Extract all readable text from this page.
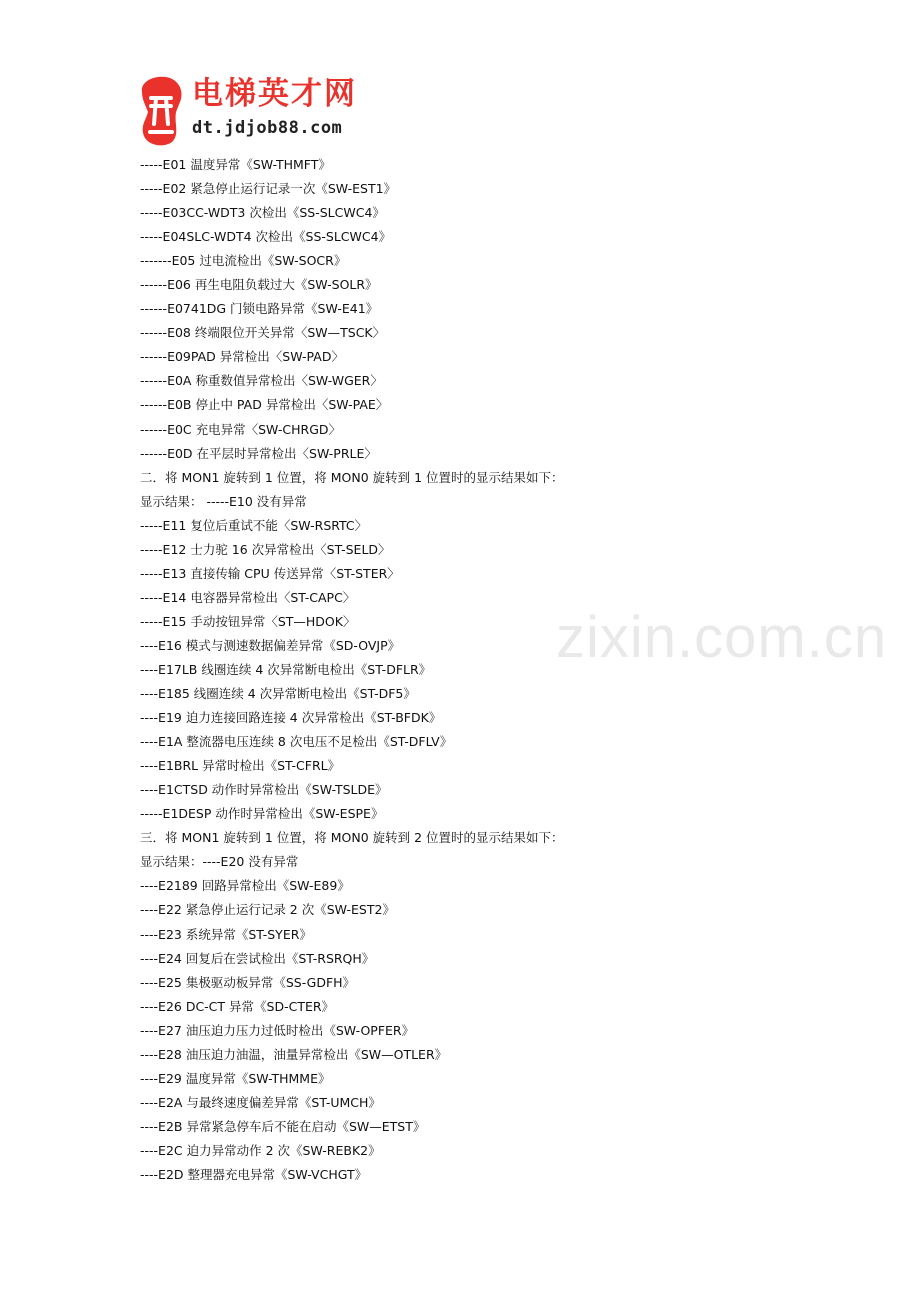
电梯英才网
dt.jdjob88.com
-----E01 温度异常《SW-THMFT》
-----E02 紧急停止运行记录一次《SW-EST1》
-----E03CC-WDT3 次检出《SS-SLCWC4》
-----E04SLC-WDT4 次检出《SS-SLCWC4》
-------E05 过电流检出《SW-SOCR》
------E06 再生电阻负载过大《SW-SOLR》
------E0741DG 门锁电路异常《SW-E41》
------E08 终端限位开关异常〈SW—TSCK〉
------E09PAD 异常检出〈SW-PAD〉
------E0A 称重数值异常检出〈SW-WGER〉
------E0B 停止中 PAD 异常检出〈SW-PAE〉
------E0C 充电异常〈SW-CHRGD〉
------E0D 在平层时异常检出〈SW-PRLE〉
二．将 MON1 旋转到 1 位置，将 MON0 旋转到 1 位置时的显示结果如下：
显示结果： -----E10 没有异常
-----E11 复位后重试不能〈SW-RSRTC〉
-----E12 士力驼 16 次异常检出〈ST-SELD〉
-----E13 直接传输 CPU 传送异常〈ST-STER〉
-----E14 电容器异常检出〈ST-CAPC〉
-----E15 手动按钮异常〈ST—HDOK〉
----E16 模式与测速数据偏差异常《SD-OVJP》
----E17LB 线圈连续 4 次异常断电检出《ST-DFLR》
----E185 线圈连续 4 次异常断电检出《ST-DF5》
----E19 迫力连接回路连接 4 次异常检出《ST-BFDK》
----E1A 整流器电压连续 8 次电压不足检出《ST-DFLV》
----E1BRL 异常时检出《ST-CFRL》
----E1CTSD 动作时异常检出《SW-TSLDE》
-----E1DESP 动作时异常检出《SW-ESPE》
三．将 MON1 旋转到 1 位置，将 MON0 旋转到 2 位置时的显示结果如下：
显示结果：----E20 没有异常
----E2189 回路异常检出《SW-E89》
----E22 紧急停止运行记录 2 次《SW-EST2》
----E23 系统异常《ST-SYER》
----E24 回复后在尝试检出《ST-RSRQH》
----E25 集极驱动板异常《SS-GDFH》
----E26 DC-CT 异常《SD-CTER》
----E27 油压迫力压力过低时检出《SW-OPFER》
----E28 油压迫力油温，油量异常检出《SW—OTLER》
----E29 温度异常《SW-THMME》
----E2A 与最终速度偏差异常《ST-UMCH》
----E2B 异常紧急停车后不能在启动《SW—ETST》
----E2C 迫力异常动作 2 次《SW-REBK2》
----E2D 整理器充电异常《SW-VCHGT》
zixin.com.cn
